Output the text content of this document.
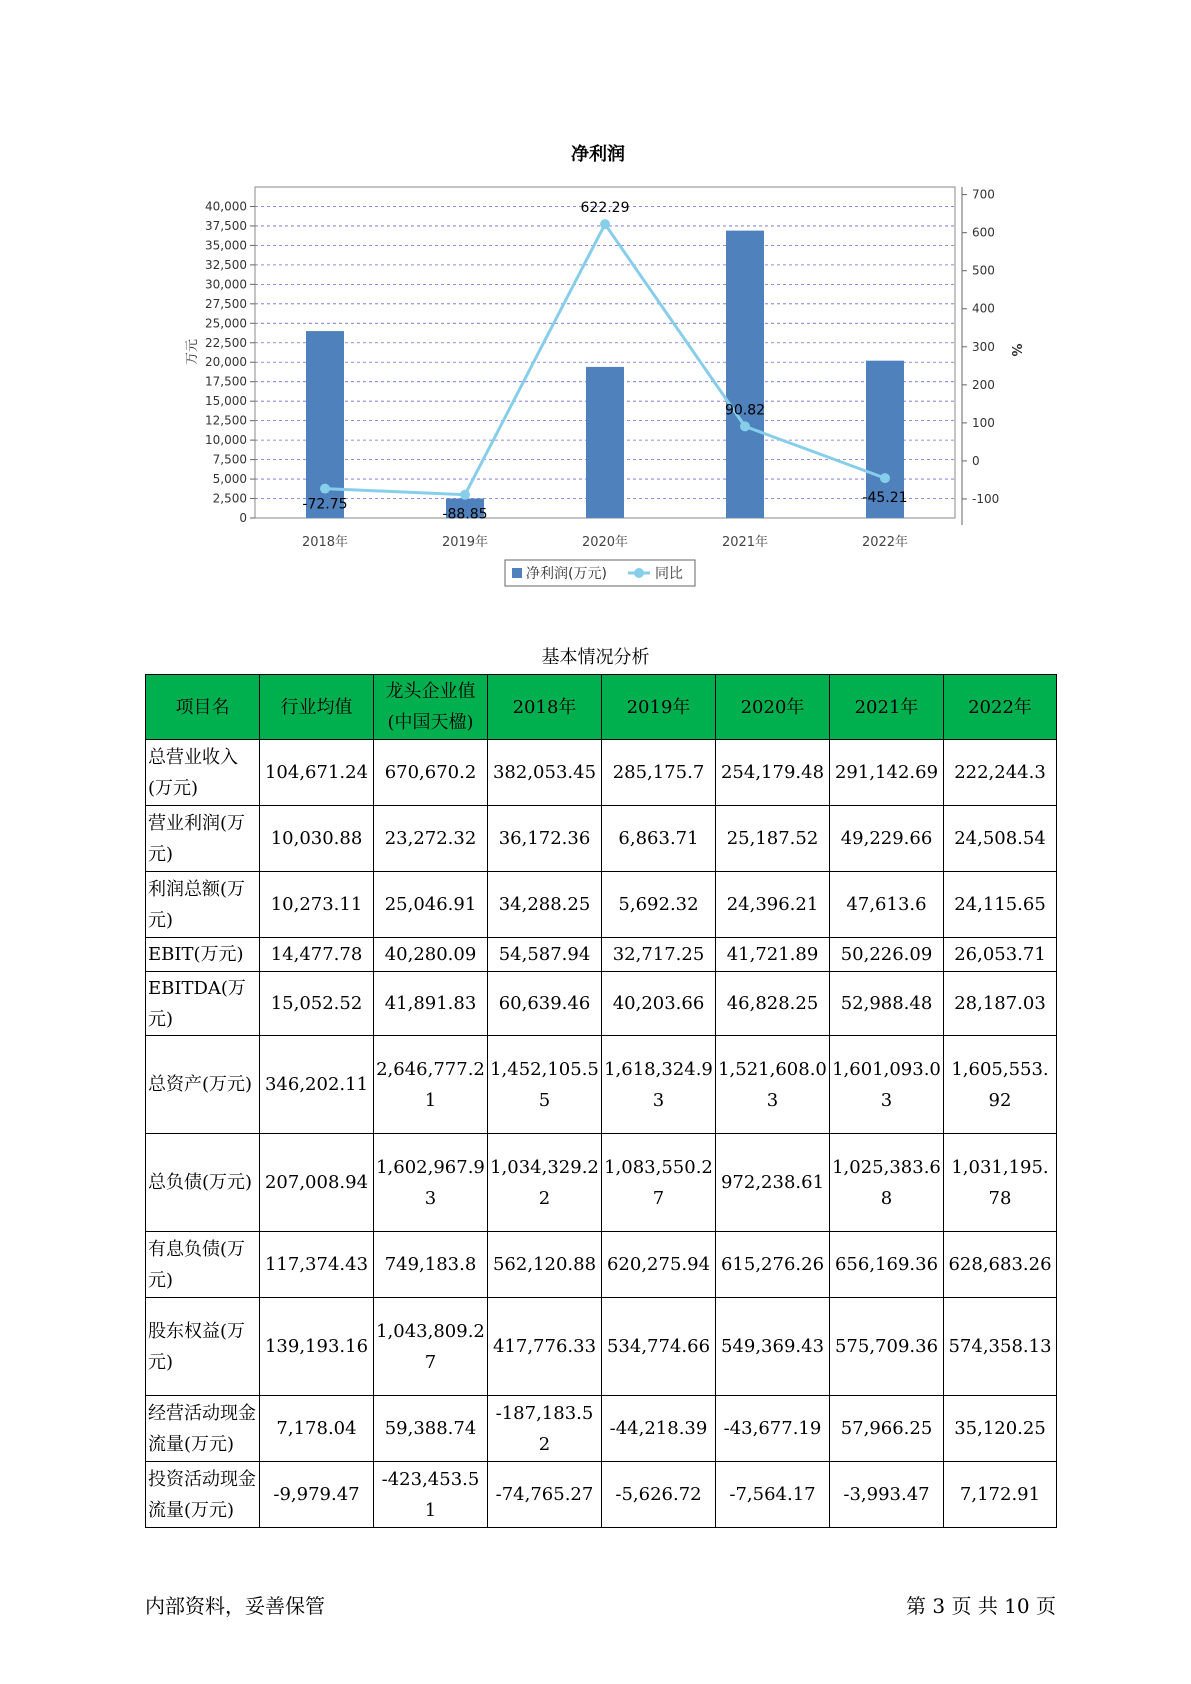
净利润
0
2,500
5,000
7,500
10,000
12,500
15,000
17,500
20,000
22,500
25,000
27,500
30,000
32,500
35,000
37,500
40,000
-100
0
100
200
300
400
500
600
700
万元	%
2018年	2019年	2020年	2021年	2022年
-72.75
-88.85
622.29
90.82
-45.21
净利润(万元)	同比
基本情况分析
项目名	行业均值	龙头企业值(中国天楹)	2018年	2019年	2020年	2021年	2022年
总营业收入(万元)	104,671.24	670,670.2	382,053.45	285,175.7	254,179.48	291,142.69	222,244.3
营业利润(万元)	10,030.88	23,272.32	36,172.36	6,863.71	25,187.52	49,229.66	24,508.54
利润总额(万元)	10,273.11	25,046.91	34,288.25	5,692.32	24,396.21	47,613.6	24,115.65
EBIT(万元)	14,477.78	40,280.09	54,587.94	32,717.25	41,721.89	50,226.09	26,053.71
EBITDA(万元)	15,052.52	41,891.83	60,639.46	40,203.66	46,828.25	52,988.48	28,187.03
总资产(万元)	346,202.11	2,646,777.21	1,452,105.55	1,618,324.93	1,521,608.03	1,601,093.03	1,605,553.92
总负债(万元)	207,008.94	1,602,967.93	1,034,329.22	1,083,550.27	972,238.61	1,025,383.68	1,031,195.78
有息负债(万元)	117,374.43	749,183.8	562,120.88	620,275.94	615,276.26	656,169.36	628,683.26
股东权益(万元)	139,193.16	1,043,809.27	417,776.33	534,774.66	549,369.43	575,709.36	574,358.13
经营活动现金流量(万元)	7,178.04	59,388.74	-187,183.52	-44,218.39	-43,677.19	57,966.25	35,120.25
投资活动现金流量(万元)	-9,979.47	-423,453.51	-74,765.27	-5,626.72	-7,564.17	-3,993.47	7,172.91
内部资料，妥善保管	第 3 页 共 10 页
